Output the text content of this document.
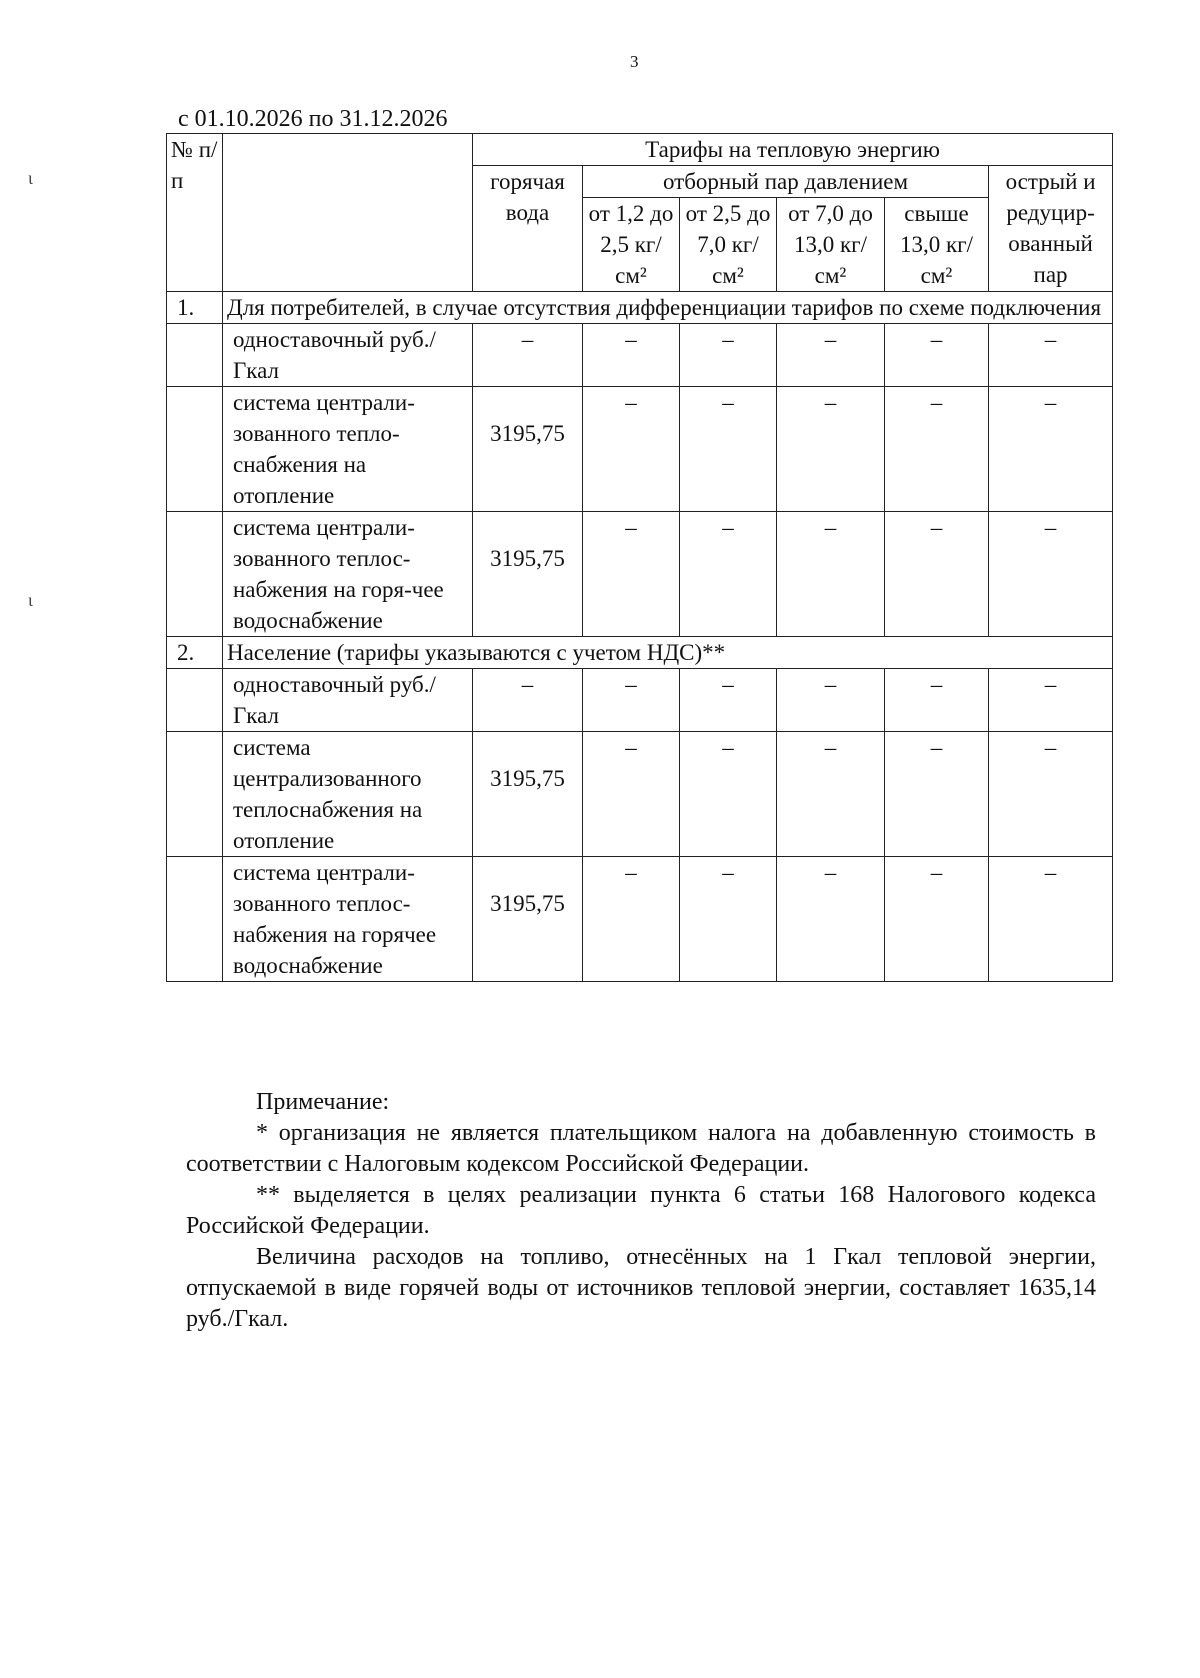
3
с 01.10.2026 по 31.12.2026
№ п/п		Тарифы на тепловую энергию					
		горячая вода	отборный пар давлением				острый и редуцир-ованный пар
			от 1,2 до 2,5 кг/см²	от 2,5 до 7,0 кг/см²	от 7,0 до 13,0 кг/см²	свыше 13,0 кг/см²	

1.	Для потребителей, в случае отсутствия дифференциации тарифов по схеме подключения						
	одноставочный руб./Гкал	–	–	–	–	–	–
	система централи-зованного тепло-снабжения на отопление	3195,75	–	–	–	–	–
	система централи-зованного теплос-набжения на горя-чее водоснабжение	3195,75	–	–	–	–	–
2.	Население (тарифы указываются с учетом НДС)**						
	одноставочный руб./Гкал	–	–	–	–	–	–
	система централизованного теплоснабжения на отопление	3195,75	–	–	–	–	–
	система централи-зованного теплос-набжения на горячее водоснабжение	3195,75	–	–	–	–	–

Примечание:

* организация не является плательщиком налога на добавленную стоимость в соответствии с Налоговым кодексом Российской Федерации.

** выделяется в целях реализации пункта 6 статьи 168 Налогового кодекса Российской Федерации.

Величина расходов на топливо, отнесённых на 1 Гкал тепловой энергии, отпускаемой в виде горячей воды от источников тепловой энергии, составляет 1635,14 руб./Гкал.

ι
ι
